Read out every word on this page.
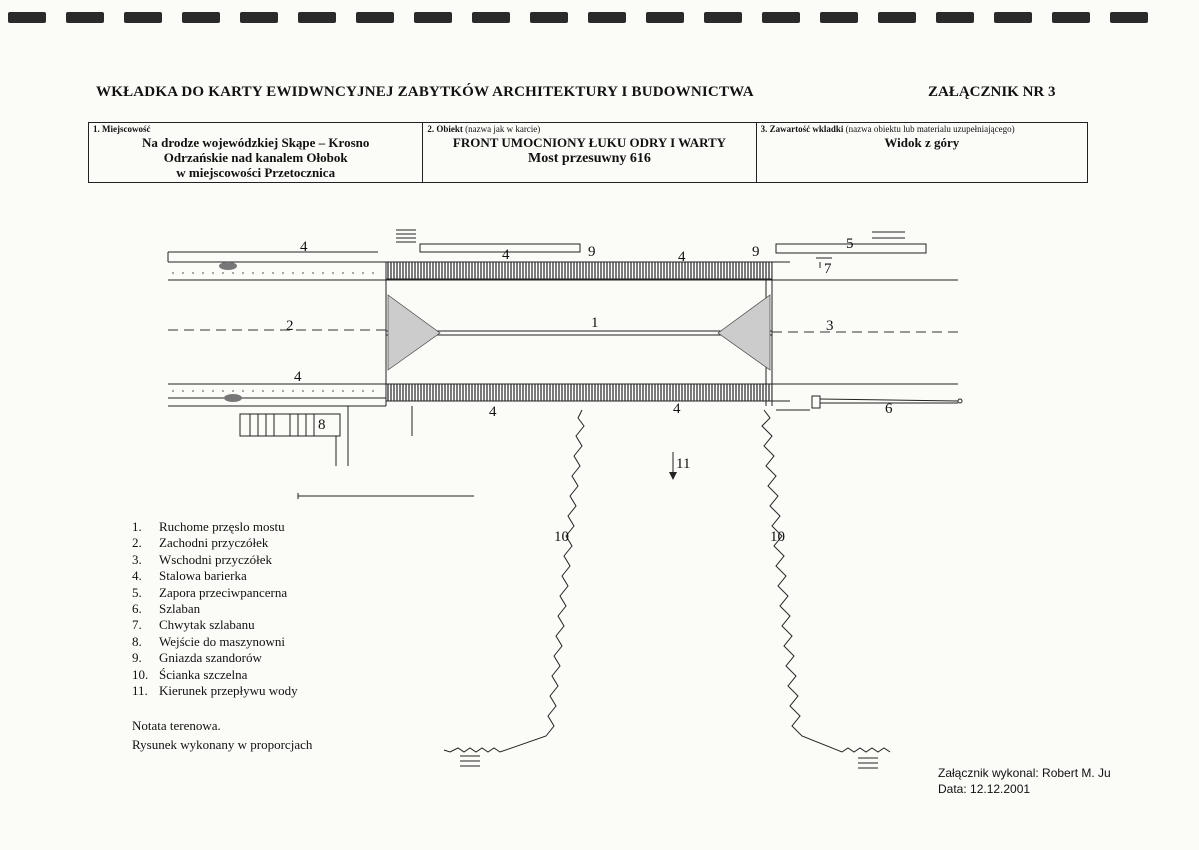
WKŁADKA DO KARTY EWIDWNCYJNEJ ZABYTKÓW ARCHITEKTURY I BUDOWNICTWA	ZAŁĄCZNIK NR 3
1. Miejscowość
Na drodze wojewódzkiej Skąpe – Krosno
Odrzańskie nad kanalem Ołobok
w miejscowości Przetocznica
2. Obiekt (nazwa jak w karcie)
FRONT UMOCNIONY ŁUKU ODRY I WARTY
Most przesuwny 616
3. Zawartość wkladki (nazwa obiektu lub materialu uzupełniającego)
Widok z góry
1
2	3
4	4	4
4
4	4
5
6
7
8
9	9
10	10
11
1. Ruchome przęslo mostu
2. Zachodni przyczółek
3. Wschodni przyczółek
4. Stalowa barierka
5. Zapora przeciwpancerna
6. Szlaban
7. Chwytak szlabanu
8. Wejście do maszynowni
9. Gniazda szandorów
10. Ścianka szczelna
11. Kierunek przepływu wody
Notata terenowa.
Rysunek wykonany w proporcjach
Załącznik wykonal: Robert M. Ju
Data: 12.12.2001
